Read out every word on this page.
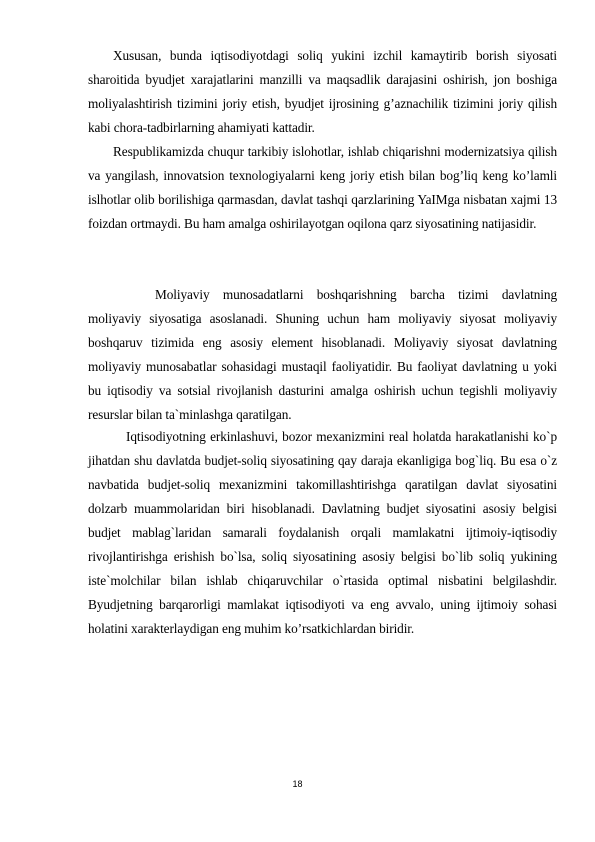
Xususan, bunda iqtisodiyotdagi soliq yukini izchil kamaytirib borish siyosati sharoitida byudjet xarajatlarini manzilli va maqsadlik darajasini oshirish, jon boshiga moliyalashtirish tizimini joriy etish, byudjet ijrosining g’aznachilik tizimini joriy qilish kabi chora-tadbirlarning ahamiyati kattadir.

Respublikamizda chuqur tarkibiy islohotlar, ishlab chiqarishni modernizatsiya qilish va yangilash, innovatsion texnologiyalarni keng joriy etish bilan bog’liq keng ko’lamli islhotlar olib borilishiga qarmasdan, davlat tashqi qarzlarining YaIMga nisbatan xajmi 13 foizdan ortmaydi. Bu ham amalga oshirilayotgan oqilona qarz siyosatining natijasidir.

Moliyaviy munosadatlarni boshqarishning barcha tizimi davlatning moliyaviy siyosatiga asoslanadi. Shuning uchun ham moliyaviy siyosat moliyaviy boshqaruv tizimida eng asosiy element hisoblanadi. Moliyaviy siyosat davlatning moliyaviy munosabatlar sohasidagi mustaqil faoliyatidir. Bu faoliyat davlatning u yoki bu iqtisodiy va sotsial rivojlanish dasturini amalga oshirish uchun tegishli moliyaviy resurslar bilan ta`minlashga qaratilgan.

Iqtisodiyotning erkinlashuvi, bozor mexanizmini real holatda harakatlanishi ko`p jihatdan shu davlatda budjet-soliq siyosatining qay daraja ekanligiga bog`liq. Bu esa o`z navbatida budjet-soliq mexanizmini takomillashtirishga qaratilgan davlat siyosatini dolzarb muammolaridan biri hisoblanadi. Davlatning budjet siyosatini asosiy belgisi budjet mablag`laridan samarali foydalanish orqali mamlakatni ijtimoiy-iqtisodiy rivojlantirishga erishish bo`lsa, soliq siyosatining asosiy belgisi bo`lib soliq yukining iste`molchilar bilan ishlab chiqaruvchilar o`rtasida optimal nisbatini belgilashdir. Byudjetning barqarorligi mamlakat iqtisodiyoti va eng avvalo, uning ijtimoiy sohasi holatini xarakterlaydigan eng muhim ko’rsatkichlardan biridir.

18
